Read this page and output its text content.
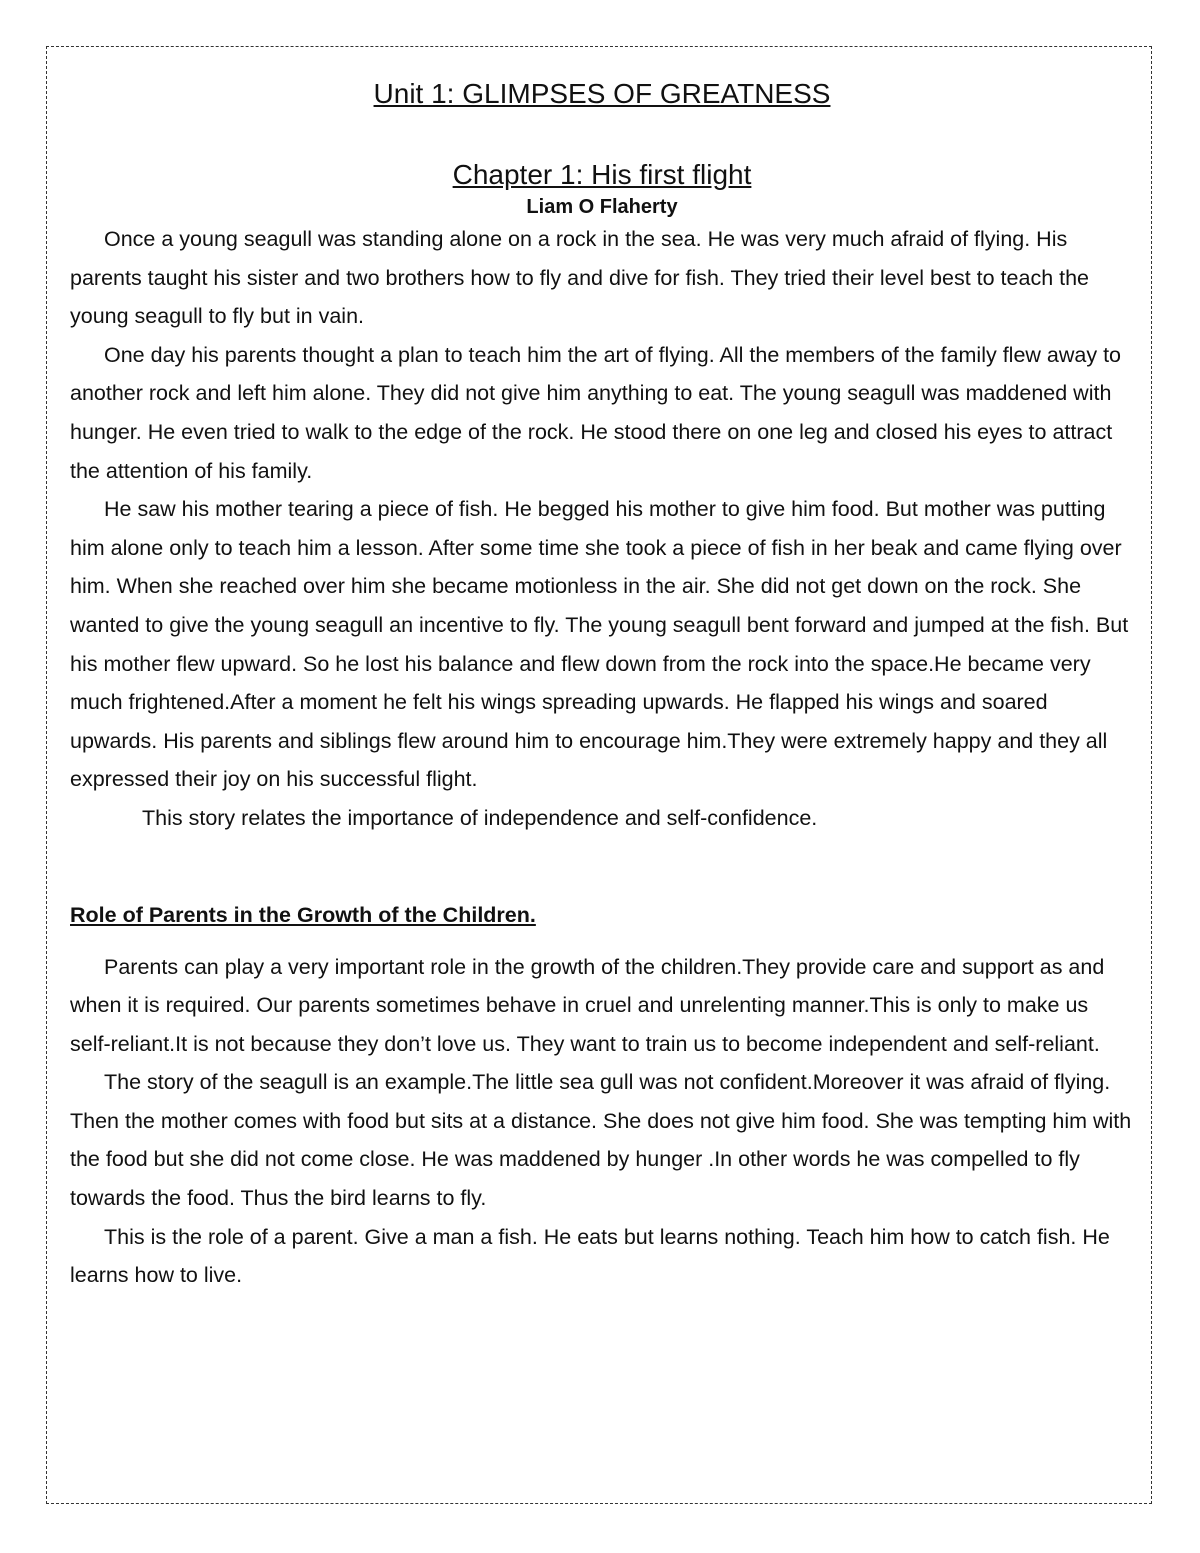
Unit 1: GLIMPSES OF GREATNESS
Chapter 1: His first flight

Liam O Flaherty

Once a young seagull was standing alone on a rock in the sea. He was very much afraid of flying. His parents taught his sister and two brothers how to fly and dive for fish. They tried their level best to teach the young seagull to fly but in vain.

One day his parents thought a plan to teach him the art of flying. All the members of the family flew away to another rock and left him alone. They did not give him anything to eat. The young seagull was maddened with hunger. He even tried to walk to the edge of the rock. He stood there on one leg and closed his eyes to attract the attention of his family.

He saw his mother tearing a piece of fish. He begged his mother to give him food. But mother was putting him alone only to teach him a lesson. After some time she took a piece of fish in her beak and came flying over him. When she reached over him she became motionless in the air. She did not get down on the rock. She wanted to give the young seagull an incentive to fly. The young seagull bent forward and jumped at the fish. But his mother flew upward. So he lost his balance and flew down from the rock into the space.He became very much frightened.After a moment he felt his wings spreading upwards. He flapped his wings and soared upwards. His parents and siblings flew around him to encourage him.They were extremely happy and they all expressed their joy on his successful flight.

This story relates the importance of independence and self-confidence.

Role of Parents in the Growth of the Children.

Parents can play a very important role in the growth of the children.They provide care and support as and when it is required. Our parents sometimes behave in cruel and unrelenting manner.This is only to make us self-reliant.It is not because they don’t love us. They want to train us to become independent and self-reliant.

The story of the seagull is an example.The little sea gull was not confident.Moreover it was afraid of flying. Then the mother comes with food but sits at a distance. She does not give him food. She was tempting him with the food but she did not come close. He was maddened by hunger .In other words he was compelled to fly towards the food. Thus the bird learns to fly.

This is the role of a parent. Give a man a fish. He eats but learns nothing. Teach him how to catch fish. He learns how to live.
